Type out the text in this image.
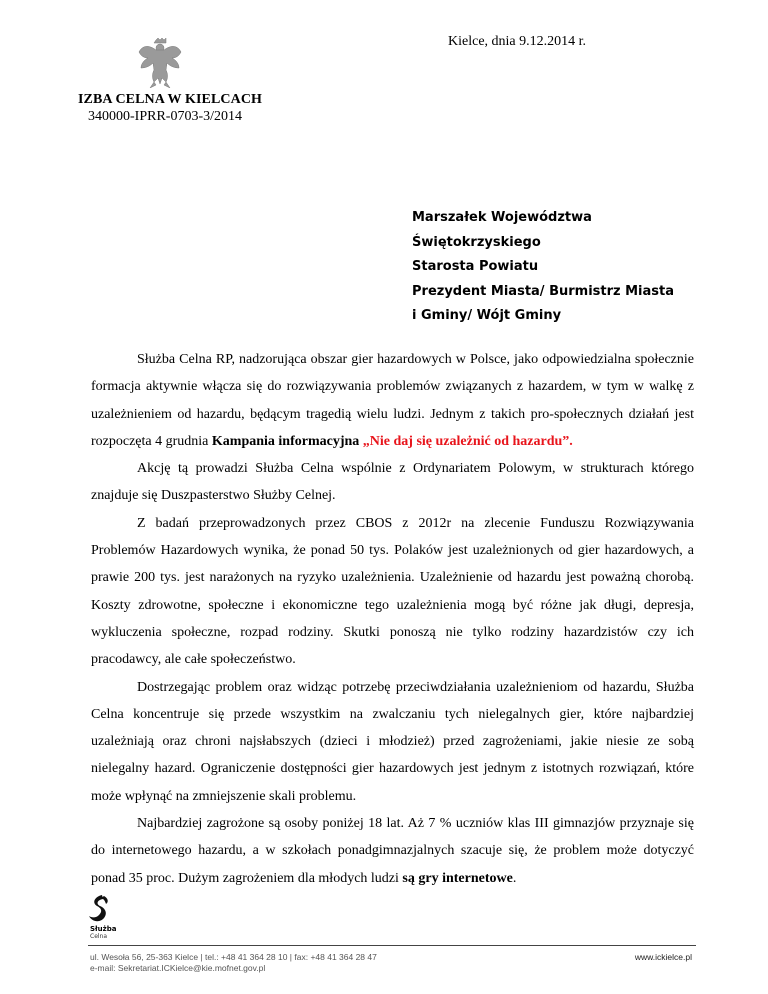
Kielce, dnia 9.12.2014 r.
IZBA CELNA W KIELCACH
340000-IPRR-0703-3/2014
Marszałek Województwa
Świętokrzyskiego
Starosta Powiatu
Prezydent Miasta/ Burmistrz Miasta
i Gminy/ Wójt Gminy

Służba Celna RP, nadzorująca obszar gier hazardowych w Polsce, jako odpowiedzialna społecznie formacja aktywnie włącza się do rozwiązywania problemów związanych z hazardem, w tym w walkę z uzależnieniem od hazardu, będącym tragedią wielu ludzi. Jednym z takich pro-społecznych działań jest rozpoczęta 4 grudnia Kampania informacyjna „Nie daj się uzależnić od hazardu”.

Akcję tą prowadzi Służba Celna wspólnie z Ordynariatem Polowym, w strukturach którego znajduje się Duszpasterstwo Służby Celnej.

Z badań przeprowadzonych przez CBOS z 2012r na zlecenie Funduszu Rozwiązywania Problemów Hazardowych wynika, że ponad 50 tys. Polaków jest uzależnionych od gier hazardowych, a prawie 200 tys. jest narażonych na ryzyko uzależnienia. Uzależnienie od hazardu jest poważną chorobą. Koszty zdrowotne, społeczne i ekonomiczne tego uzależnienia mogą być różne jak długi, depresja, wykluczenia społeczne, rozpad rodziny. Skutki ponoszą nie tylko rodziny hazardzistów czy ich pracodawcy, ale całe społeczeństwo.

Dostrzegając problem oraz widząc potrzebę przeciwdziałania uzależnieniom od hazardu, Służba Celna koncentruje się przede wszystkim na zwalczaniu tych nielegalnych gier, które najbardziej uzależniają oraz chroni najsłabszych (dzieci i młodzież) przed zagrożeniami, jakie niesie ze sobą nielegalny hazard. Ograniczenie dostępności gier hazardowych jest jednym z istotnych rozwiązań, które może wpłynąć na zmniejszenie skali problemu.

Najbardziej zagrożone są osoby poniżej 18 lat. Aż 7 % uczniów klas III gimnazjów przyznaje się do internetowego hazardu, a w szkołach ponadgimnazjalnych szacuje się, że problem może dotyczyć ponad 35 proc. Dużym zagrożeniem dla młodych ludzi są gry internetowe.

Służba
Celna
ul. Wesoła 56, 25-363 Kielce | tel.: +48 41 364 28 10 | fax: +48 41 364 28 47
e-mail: Sekretariat.ICKielce@kie.mofnet.gov.pl
www.ickielce.pl
